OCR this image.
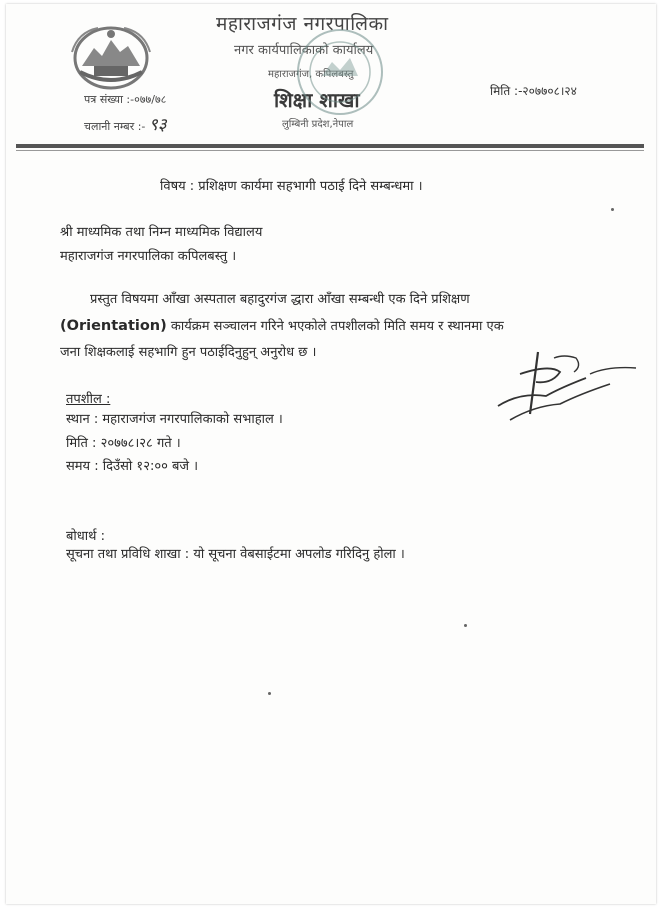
महाराजगंज नगरपालिका
नगर कार्यपालिकाको कार्यालय
महाराजगंज, कपिलबस्तु
शिक्षा शाखा
लुम्बिनी प्रदेश,नेपाल
पत्र संख्या :-०७७/७८
चलानी नम्बर :- ९३
मिति :-२०७७०८।२४
विषय : प्रशिक्षण कार्यमा सहभागी पठाई दिने सम्बन्धमा ।
श्री माध्यमिक तथा निम्न माध्यमिक विद्यालय
महाराजगंज नगरपालिका कपिलबस्तु ।
प्रस्तुत विषयमा आँखा अस्पताल बहादुरगंज द्धारा आँखा सम्बन्धी एक दिने प्रशिक्षण
(Orientation) कार्यक्रम सञ्चालन गरिने भएकोले तपशीलको मिति समय र स्थानमा एक
जना शिक्षकलाई सहभागि हुन पठाईदिनुहुन् अनुरोध छ ।
तपशील :
स्थान : महाराजगंज नगरपालिकाको सभाहाल ।
मिति : २०७७८।२८ गते ।
समय : दिउँसो १२:०० बजे ।
बोधार्थ :
सूचना तथा प्रविधि शाखा : यो सूचना वेबसाईटमा अपलोड गरिदिनु होला ।
